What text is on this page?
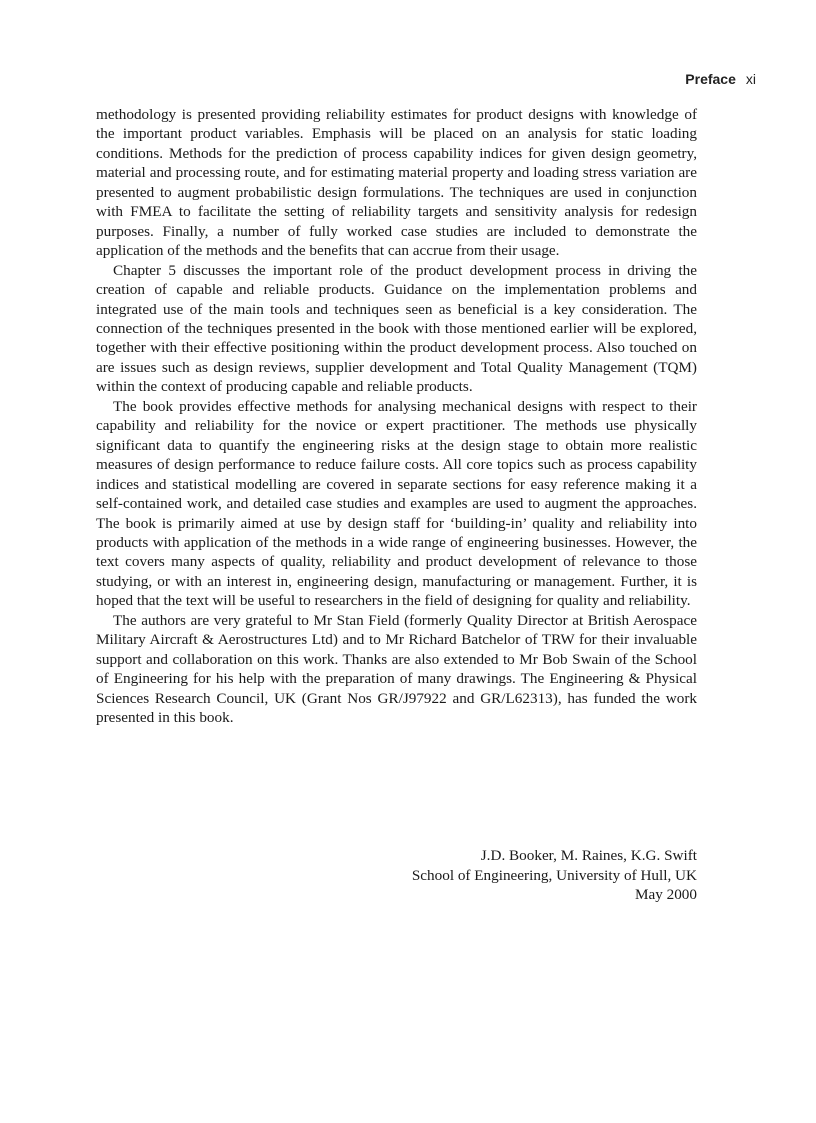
Preface xi

methodology is presented providing reliability estimates for product designs with knowledge of the important product variables. Emphasis will be placed on an analysis for static loading conditions. Methods for the prediction of process capability indices for given design geometry, material and processing route, and for estimating material property and loading stress variation are presented to augment probabilistic design formulations. The techniques are used in conjunction with FMEA to facilitate the setting of reliability targets and sensitivity analysis for redesign purposes. Finally, a number of fully worked case studies are included to demonstrate the application of the methods and the benefits that can accrue from their usage.

Chapter 5 discusses the important role of the product development process in driving the creation of capable and reliable products. Guidance on the implementation problems and integrated use of the main tools and techniques seen as beneficial is a key consideration. The connection of the techniques presented in the book with those mentioned earlier will be explored, together with their effective positioning within the product development process. Also touched on are issues such as design reviews, supplier development and Total Quality Management (TQM) within the context of producing capable and reliable products.

The book provides effective methods for analysing mechanical designs with respect to their capability and reliability for the novice or expert practitioner. The methods use physically significant data to quantify the engineering risks at the design stage to obtain more realistic measures of design performance to reduce failure costs. All core topics such as process capability indices and statistical modelling are covered in separate sections for easy reference making it a self-contained work, and detailed case studies and examples are used to augment the approaches. The book is primarily aimed at use by design staff for ‘building-in’ quality and reliability into products with application of the methods in a wide range of engineering businesses. However, the text covers many aspects of quality, reliability and product development of relevance to those studying, or with an interest in, engineering design, manufacturing or management. Further, it is hoped that the text will be useful to researchers in the field of designing for quality and reliability.

The authors are very grateful to Mr Stan Field (formerly Quality Director at British Aerospace Military Aircraft & Aerostructures Ltd) and to Mr Richard Batchelor of TRW for their invaluable support and collaboration on this work. Thanks are also extended to Mr Bob Swain of the School of Engineering for his help with the preparation of many drawings. The Engineering & Physical Sciences Research Council, UK (Grant Nos GR/J97922 and GR/L62313), has funded the work presented in this book.

J.D. Booker, M. Raines, K.G. Swift
School of Engineering, University of Hull, UK
May 2000
